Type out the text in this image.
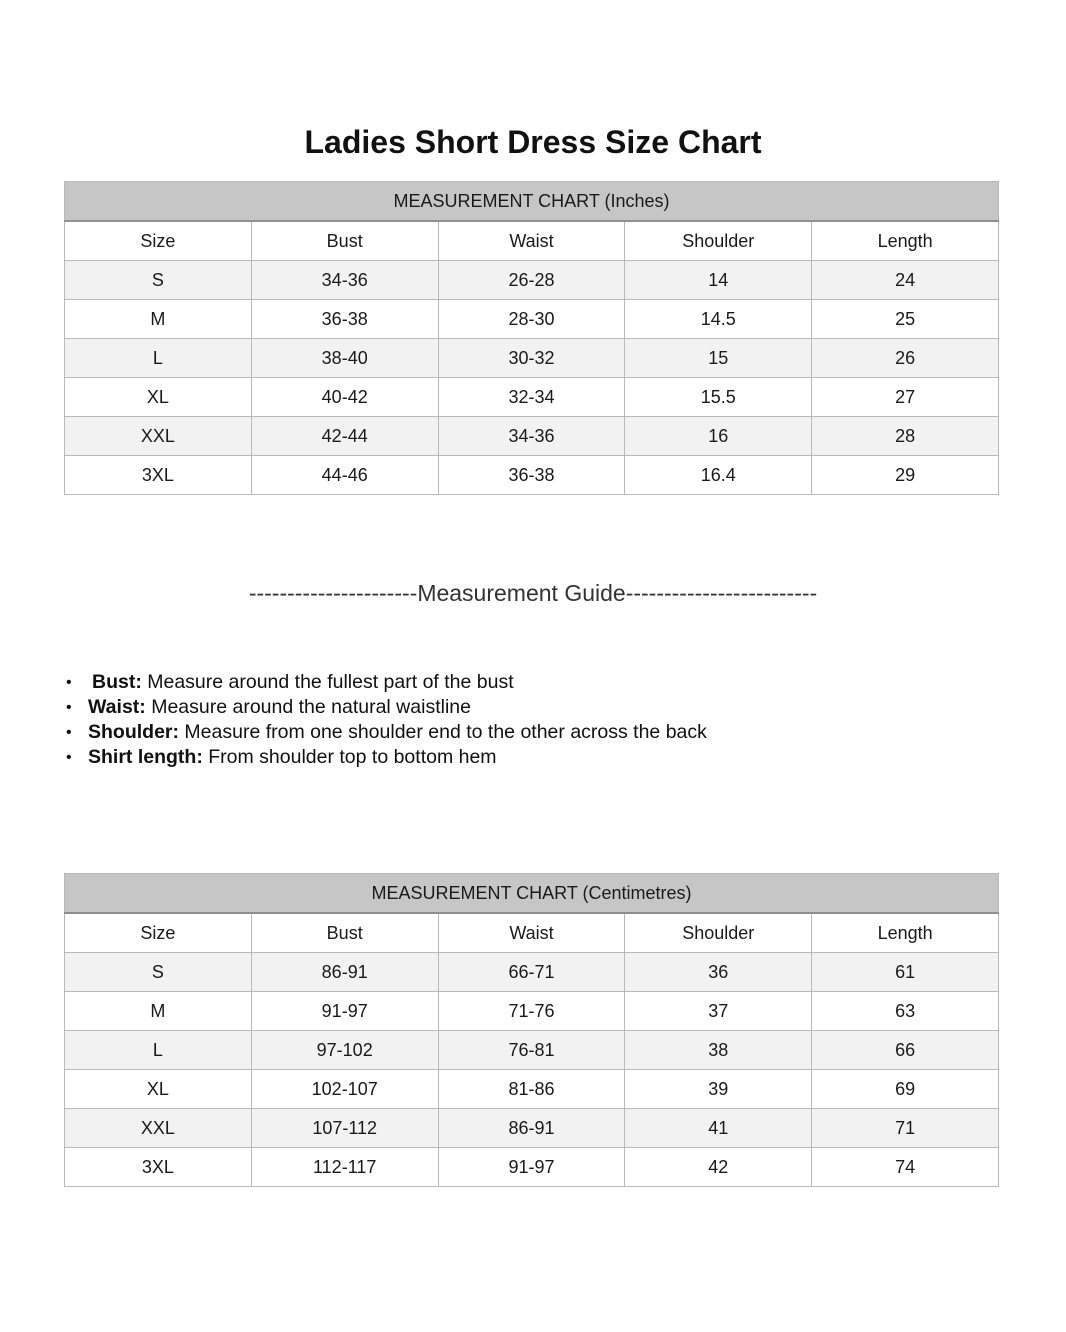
Ladies Short Dress Size Chart
MEASUREMENT CHART (Inches)				
Size	Bust	Waist	Shoulder	Length
S	34-36	26-28	14	24
M	36-38	28-30	14.5	25
L	38-40	30-32	15	26
XL	40-42	32-34	15.5	27
XXL	42-44	34-36	16	28
3XL	44-46	36-38	16.4	29
----------------------Measurement Guide-------------------------
• Bust: Measure around the fullest part of the bust
• Waist: Measure around the natural waistline
• Shoulder: Measure from one shoulder end to the other across the back
• Shirt length: From shoulder top to bottom hem
MEASUREMENT CHART (Centimetres)				
Size	Bust	Waist	Shoulder	Length
S	86-91	66-71	36	61
M	91-97	71-76	37	63
L	97-102	76-81	38	66
XL	102-107	81-86	39	69
XXL	107-112	86-91	41	71
3XL	112-117	91-97	42	74
